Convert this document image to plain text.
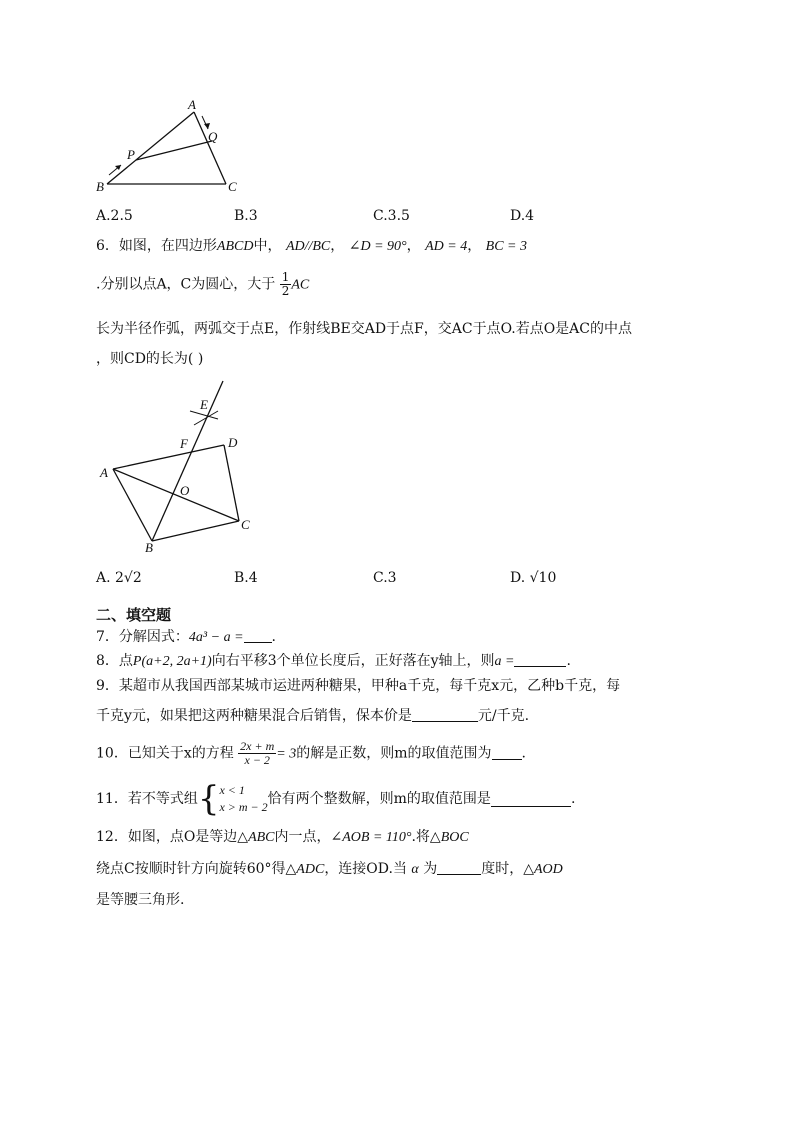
A
Q
P
B	C
A.2.5	B.3	C.3.5	D.4
6．如图，在四边形ABCD中， AD//BC， ∠D = 90°， AD = 4， BC = 3
.分别以点A，C为圆心，大于 $\frac{1}{2}$ AC
长为半径作弧，两弧交于点E，作射线BE交AD于点F，交AC于点O.若点O是AC的中点
，则CD的长为( )
E
F	D
A
O
C
B
A. 2√2	B.4	C.3	D. √10
二、填空题
7．分解因式：4a³ − a = .
8．点P(a+2, 2a+1)向右平移3个单位长度后，正好落在y轴上，则a =	.
9．某超市从我国西部某城市运进两种糖果，甲种a千克，每千克x元，乙种b千克，每
千克y元，如果把这两种糖果混合后销售，保本价是	元/千克.
10．已知关于x的方程 $\frac{2x + m}{x - 2} = 3$的解是正数，则m的取值范围为 .
11．若不等式组{ x < 1
x > m − 2 恰有两个整数解，则m的取值范围是	.
12．如图，点O是等边△ABC内一点，∠AOB = 110°.将△BOC
绕点C按顺时针方向旋转60°得△ADC，连接OD.当 α 为	度时，△AOD
是等腰三角形.
